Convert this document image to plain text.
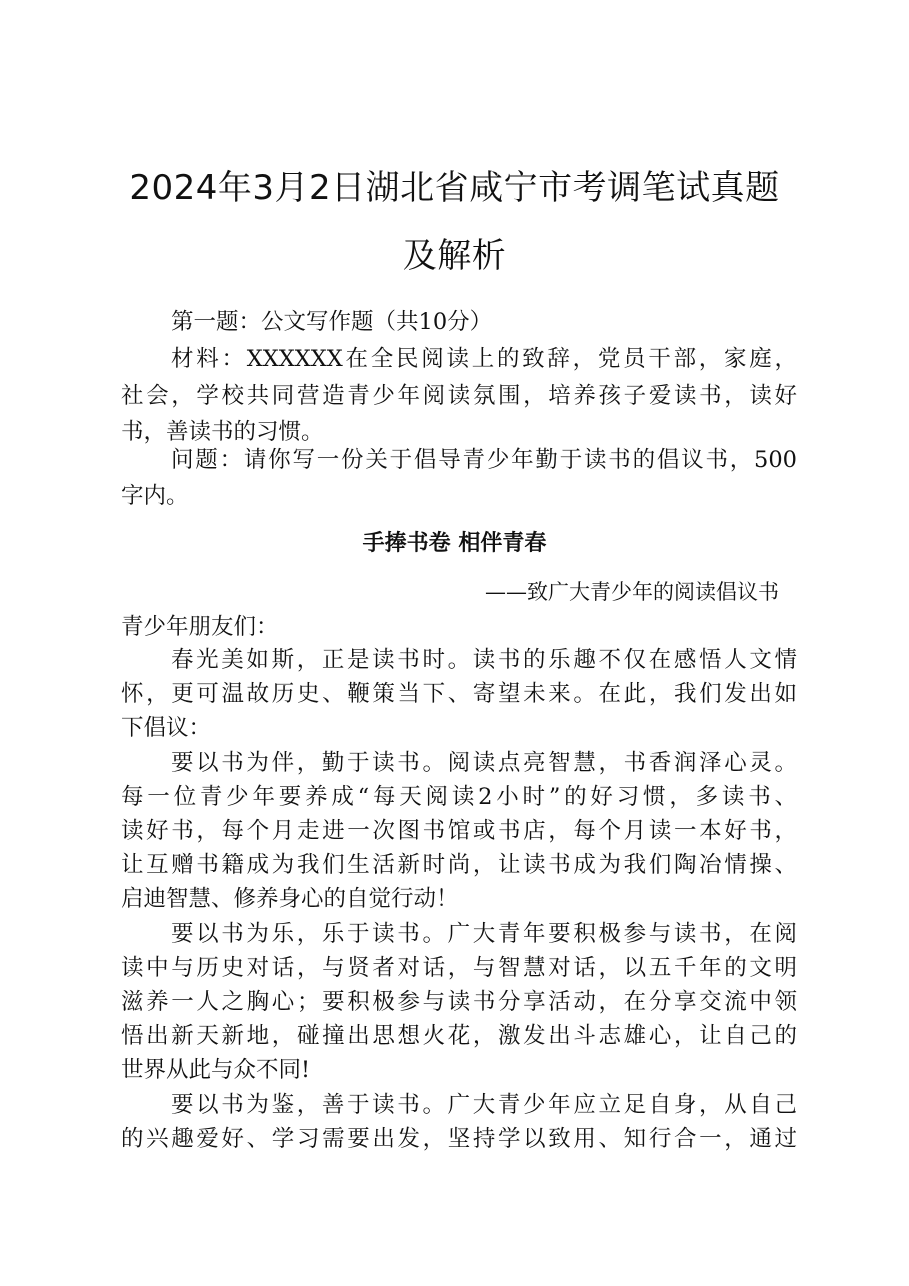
2024年3月2日湖北省咸宁市考调笔试真题
及解析
第一题：公文写作题（共10分）
材料：XXXXXX在全民阅读上的致辞，党员干部，家庭，
社会，学校共同营造青少年阅读氛围，培养孩子爱读书，读好
书，善读书的习惯。
问题：请你写一份关于倡导青少年勤于读书的倡议书，500
字内。
手捧书卷 相伴青春
——致广大青少年的阅读倡议书
青少年朋友们：
春光美如斯，正是读书时。读书的乐趣不仅在感悟人文情
怀，更可温故历史、鞭策当下、寄望未来。在此，我们发出如
下倡议：
要以书为伴，勤于读书。阅读点亮智慧，书香润泽心灵。
每一位青少年要养成“每天阅读2小时”的好习惯，多读书、
读好书，每个月走进一次图书馆或书店，每个月读一本好书，
让互赠书籍成为我们生活新时尚，让读书成为我们陶冶情操、
启迪智慧、修养身心的自觉行动！
要以书为乐，乐于读书。广大青年要积极参与读书，在阅
读中与历史对话，与贤者对话，与智慧对话，以五千年的文明
滋养一人之胸心；要积极参与读书分享活动，在分享交流中领
悟出新天新地，碰撞出思想火花，激发出斗志雄心，让自己的
世界从此与众不同!
要以书为鉴，善于读书。广大青少年应立足自身，从自己
的兴趣爱好、学习需要出发，坚持学以致用、知行合一，通过
